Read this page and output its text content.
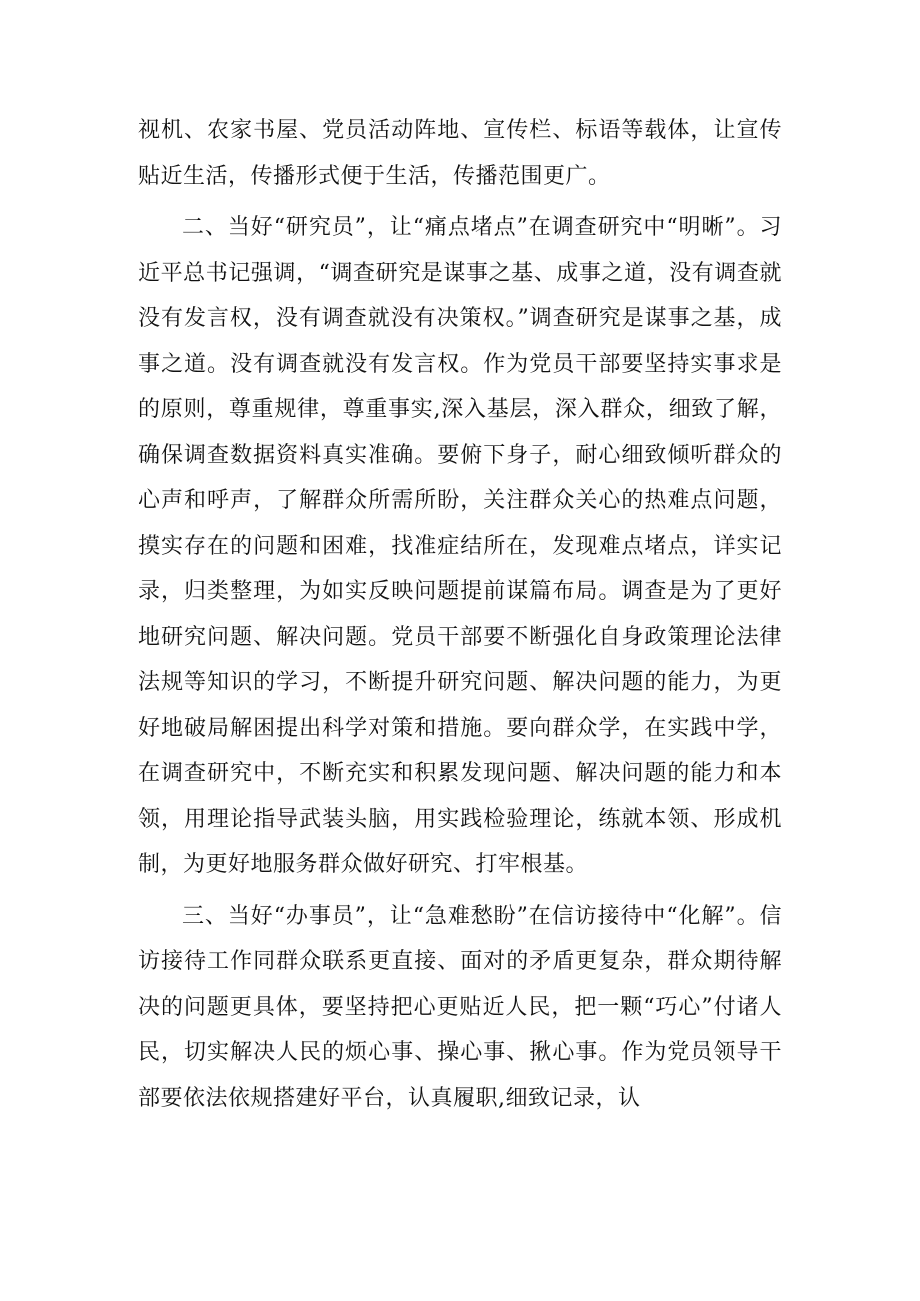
视机、农家书屋、党员活动阵地、宣传栏、标语等载体，让宣传贴近生活，传播形式便于生活，传播范围更广。

二、当好“研究员”，让“痛点堵点”在调查研究中“明晰”。习近平总书记强调，“调查研究是谋事之基、成事之道，没有调查就没有发言权，没有调查就没有决策权。”调查研究是谋事之基，成事之道。没有调查就没有发言权。作为党员干部要坚持实事求是的原则，尊重规律，尊重事实,深入基层，深入群众，细致了解，确保调查数据资料真实准确。要俯下身子，耐心细致倾听群众的心声和呼声，了解群众所需所盼，关注群众关心的热难点问题，摸实存在的问题和困难，找准症结所在，发现难点堵点，详实记录，归类整理，为如实反映问题提前谋篇布局。调查是为了更好地研究问题、解决问题。党员干部要不断强化自身政策理论法律法规等知识的学习，不断提升研究问题、解决问题的能力，为更好地破局解困提出科学对策和措施。要向群众学，在实践中学，在调查研究中，不断充实和积累发现问题、解决问题的能力和本领，用理论指导武装头脑，用实践检验理论，练就本领、形成机制，为更好地服务群众做好研究、打牢根基。

三、当好“办事员”，让“急难愁盼”在信访接待中“化解”。信访接待工作同群众联系更直接、面对的矛盾更复杂，群众期待解决的问题更具体，要坚持把心更贴近人民，把一颗“巧心”付诸人民，切实解决人民的烦心事、操心事、揪心事。作为党员领导干部要依法依规搭建好平台，认真履职,细致记录，认
